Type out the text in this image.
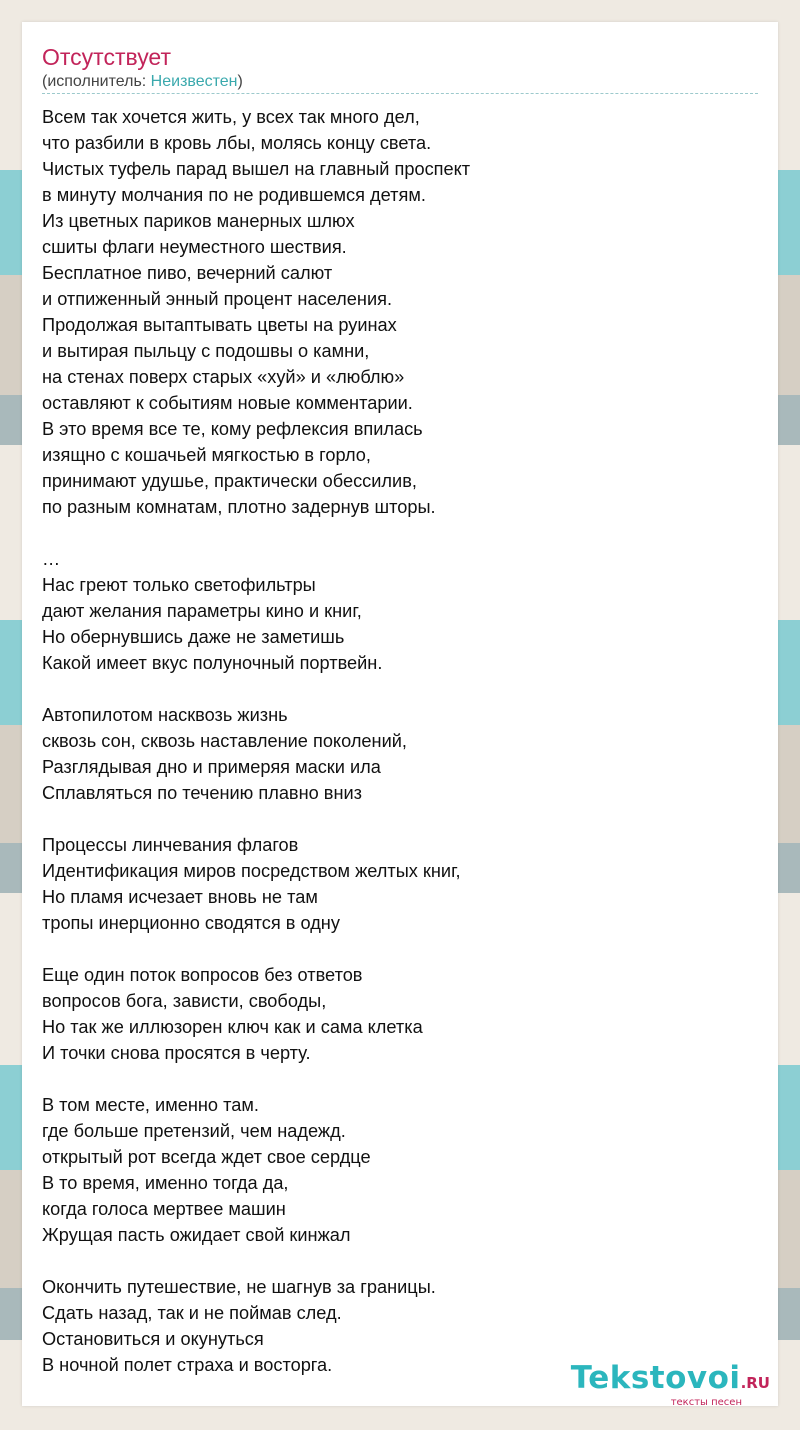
Отсутствует
(исполнитель: Неизвестен)
Всем так хочется жить, у всех так много дел,
что разбили в кровь лбы, молясь концу света.
Чистых туфель парад вышел на главный проспект
в минуту молчания по не родившемся детям.
Из цветных париков манерных шлюх
сшиты флаги неуместного шествия.
Бесплатное пиво, вечерний салют
и отпиженный энный процент населения.
Продолжая вытаптывать цветы на руинах
и вытирая пыльцу с подошвы о камни,
на стенах поверх старых «хуй» и «люблю»
оставляют к событиям новые комментарии.
В это время все те, кому рефлексия впилась
изящно с кошачьей мягкостью в горло,
принимают удушье, практически обессилив,
по разным комнатам, плотно задернув шторы.

…
Нас греют только светофильтры
дают желания параметры кино и книг,
Но обернувшись даже не заметишь
Какой имеет вкус полуночный портвейн.

Автопилотом насквозь жизнь
сквозь сон, сквозь наставление поколений,
Разглядывая дно и примеряя маски ила
Сплавляться по течению плавно вниз

Процессы линчевания флагов
Идентификация миров посредством желтых книг,
Но пламя исчезает вновь не там
тропы инерционно сводятся в одну

Еще один поток вопросов без ответов
вопросов бога, зависти, свободы,
Но так же иллюзорен ключ как и сама клетка
И точки снова просятся в черту.

В том месте, именно там.
где больше претензий, чем надежд.
открытый рот всегда ждет свое сердце
В то время, именно тогда да,
когда голоса мертвее машин
Жрущая пасть ожидает свой кинжал

Окончить путешествие, не шагнув за границы.
Сдать назад, так и не поймав след.
Остановиться и окунуться
В ночной полет страха и восторга.	Tekstovoi.RU
тексты песен
